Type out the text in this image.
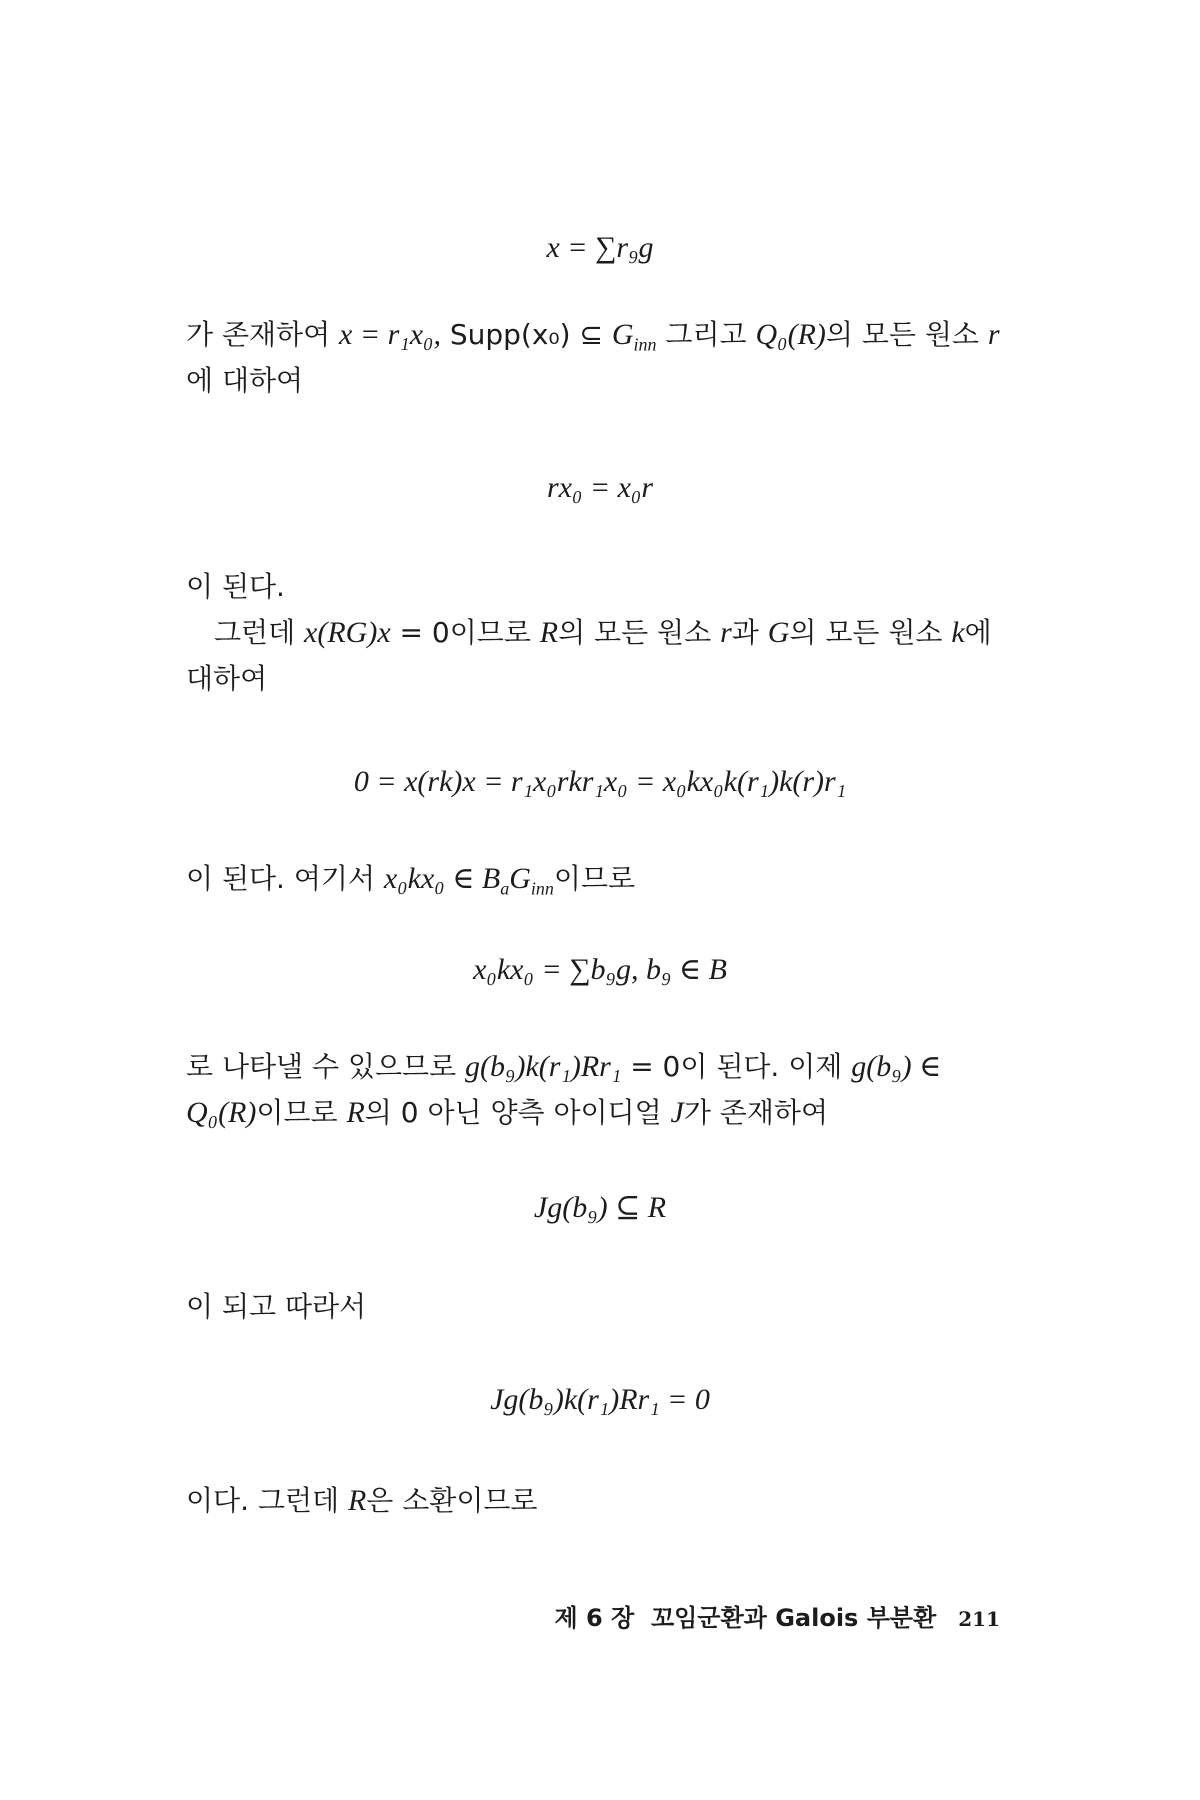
x = ∑r₉g
가 존재하여 x = r₁x₀, Supp(x₀) ⊆ $G_{inn}$ 그리고 Q₀(R)의 모든 원소 r
에 대하여
rx₀ = x₀r
이 된다.
그런데 x(RG)x = 0이므로 R의 모든 원소 r과 G의 모든 원소 k에
대하여
0 = x(rk)x = r₁x₀rkr₁x₀ = x₀kx₀k(r₁)k(r)r₁
이 된다. 여기서 x₀kx₀ ∈ $B_aG_{inn}$이므로
x₀kx₀ = ∑b₉g, b₉ ∈ B
로 나타낼 수 있으므로 g(b₉)k(r₁)Rr₁ = 0이 된다. 이제 g(b₉) ∈
Q₀(R)이므로 R의 0 아닌 양측 아이디얼 J가 존재하여
Jg(b₉) ⊆ R
이 되고 따라서
Jg(b₉)k(r₁)Rr₁ = 0
이다. 그런데 R은 소환이므로
제 6 장  꼬임군환과 Galois 부분환 211
